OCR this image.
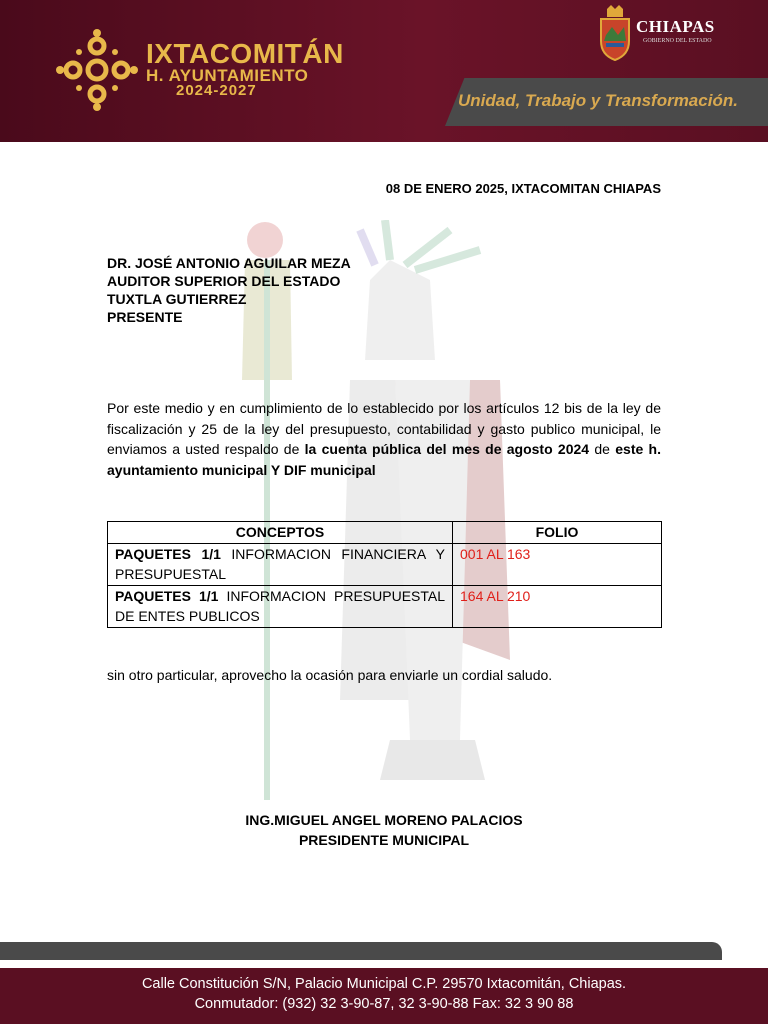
IXTACOMITÁN
H. AYUNTAMIENTO
2024-2027
CHIAPAS
GOBIERNO DEL ESTADO
Unidad, Trabajo y Transformación.
08 DE ENERO 2025, IXTACOMITAN CHIAPAS
DR. JOSÉ ANTONIO AGUILAR MEZA
AUDITOR SUPERIOR DEL ESTADO
TUXTLA GUTIERREZ
PRESENTE
Por este medio y en cumplimiento de lo establecido por los artículos 12 bis de la ley de fiscalización y 25 de la ley del presupuesto, contabilidad y gasto publico municipal, le enviamos a usted respaldo de la cuenta pública del mes de agosto 2024 de este h. ayuntamiento municipal Y DIF municipal
CONCEPTOS	FOLIO
PAQUETES 1/1 INFORMACION FINANCIERA Y PRESUPUESTAL	001 AL 163
PAQUETES 1/1 INFORMACION PRESUPUESTAL DE ENTES PUBLICOS	164 AL 210
sin otro particular, aprovecho la ocasión para enviarle un cordial saludo.
ING.MIGUEL ANGEL MORENO PALACIOS
PRESIDENTE MUNICIPAL
Calle Constitución S/N, Palacio Municipal C.P. 29570 Ixtacomitán, Chiapas.
Conmutador: (932) 32 3-90-87, 32 3-90-88 Fax: 32 3 90 88
